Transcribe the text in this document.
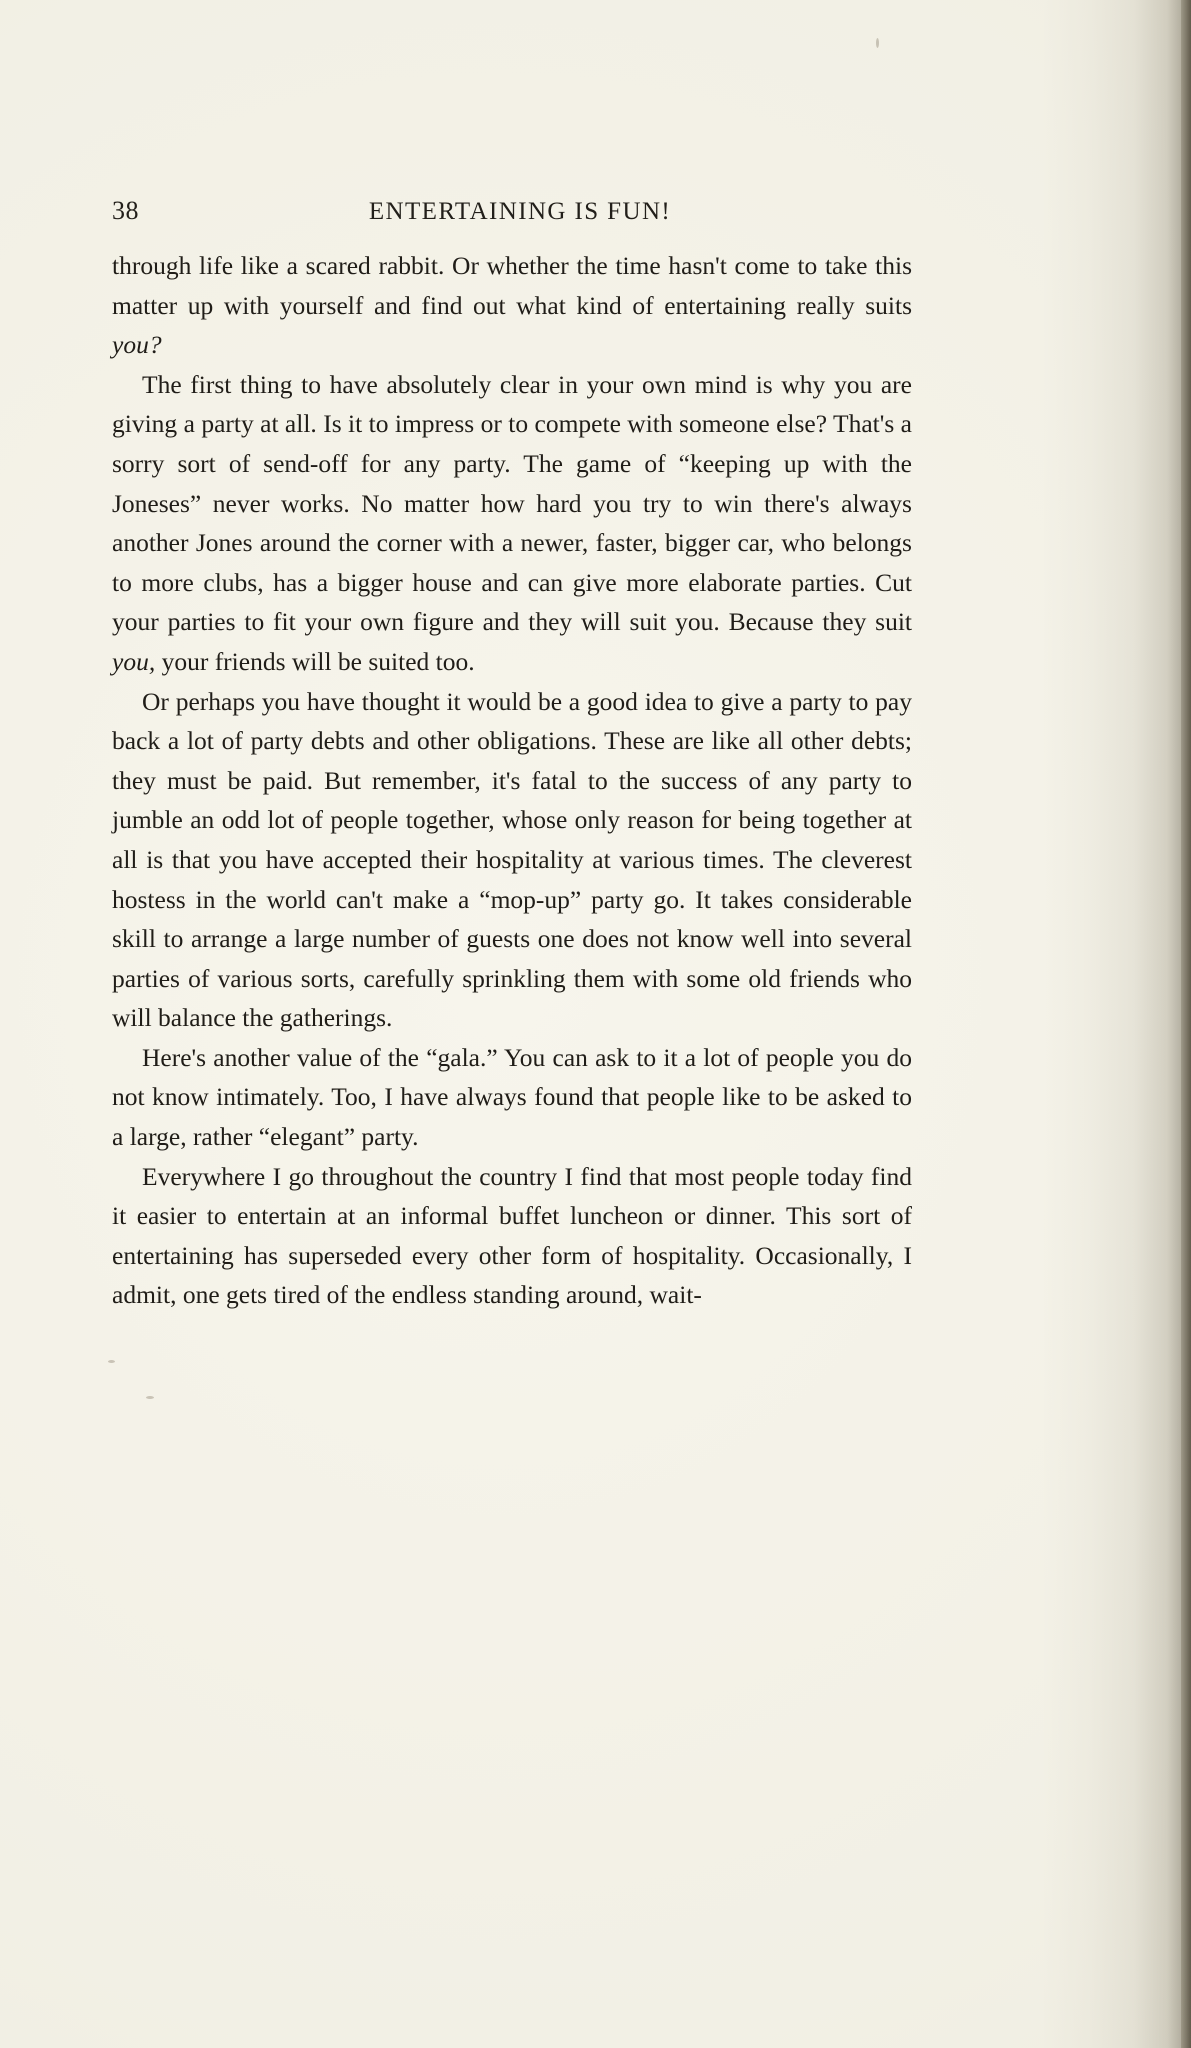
38	ENTERTAINING IS FUN!

through life like a scared rabbit. Or whether the time hasn't come to take this matter up with yourself and find out what kind of entertaining really suits you?

The first thing to have absolutely clear in your own mind is why you are giving a party at all. Is it to impress or to compete with someone else? That's a sorry sort of send-off for any party. The game of “keeping up with the Joneses” never works. No matter how hard you try to win there's always another Jones around the corner with a newer, faster, bigger car, who belongs to more clubs, has a bigger house and can give more elaborate parties. Cut your parties to fit your own figure and they will suit you. Because they suit you, your friends will be suited too.

Or perhaps you have thought it would be a good idea to give a party to pay back a lot of party debts and other obligations. These are like all other debts; they must be paid. But remember, it's fatal to the success of any party to jumble an odd lot of people together, whose only reason for being together at all is that you have accepted their hospitality at various times. The cleverest hostess in the world can't make a “mop-up” party go. It takes considerable skill to arrange a large number of guests one does not know well into several parties of various sorts, carefully sprinkling them with some old friends who will balance the gatherings.

Here's another value of the “gala.” You can ask to it a lot of people you do not know intimately. Too, I have always found that people like to be asked to a large, rather “elegant” party.

Everywhere I go throughout the country I find that most people today find it easier to entertain at an informal buffet luncheon or dinner. This sort of entertaining has superseded every other form of hospitality. Occasionally, I admit, one gets tired of the endless standing around, wait-
